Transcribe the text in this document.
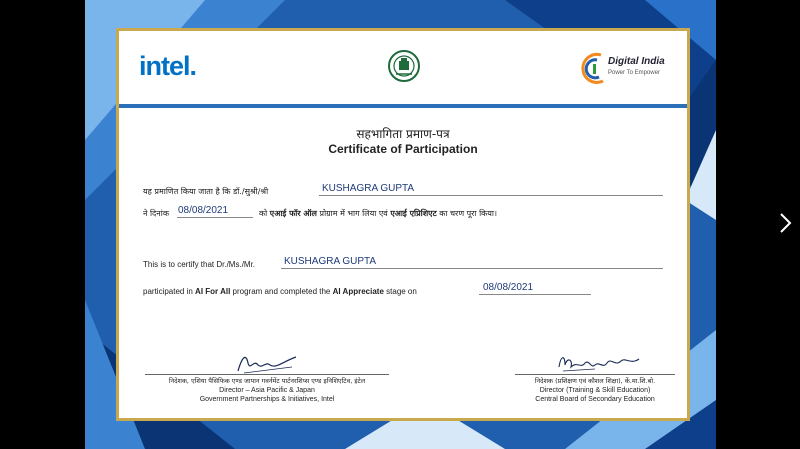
intel.	Digital India
Power To Empower
सहभागिता प्रमाण-पत्र
Certificate of Participation
यह प्रमाणित किया जाता है कि डॉ./सुश्री/श्री	KUSHAGRA GUPTA
ने दिनांक 08/08/2021	को एआई फॉर ऑल प्रोग्राम में भाग लिया एवं एआई एप्रिशिएट का चरण पूरा किया।
This is to certify that Dr./Ms./Mr.	KUSHAGRA GUPTA
participated in AI For All program and completed the AI Appreciate stage on	08/08/2021
निदेशक, एशिया पैसिफिक एण्ड जापान गवर्नमेंट पार्टनरशिप्स एण्ड इनिशिएटिव, इंटेल
Director – Asia Pacific & Japan
Government Partnerships & Initiatives, Intel
निदेशक (प्रशिक्षण एवं कौशल शिक्षा), कें.मा.शि.बो.
Director (Training & Skill Education)
Central Board of Secondary Education
